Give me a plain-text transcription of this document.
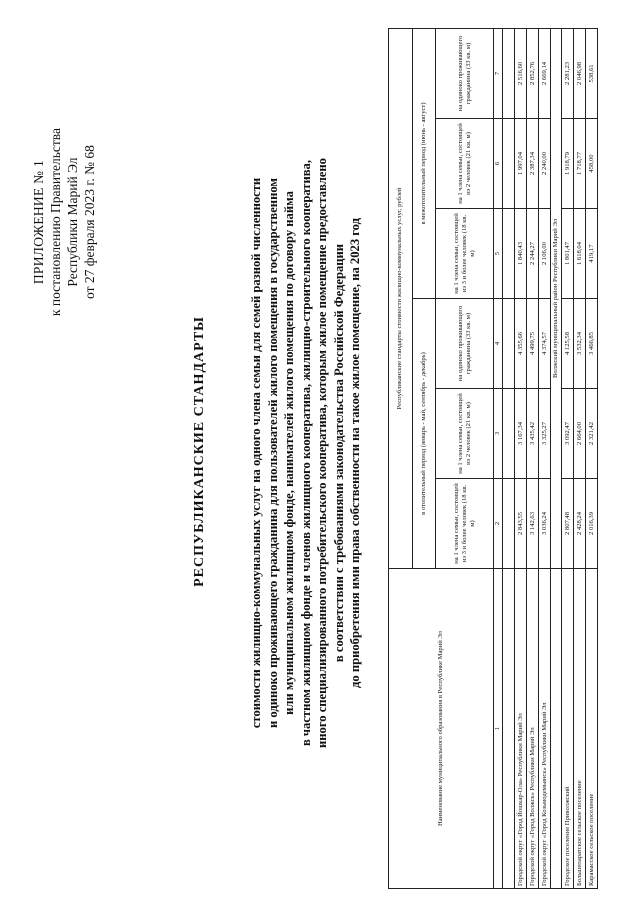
ПРИЛОЖЕНИЕ № 1 к постановлению Правительства Республики Марий Эл от 27 февраля 2023 г. № 68
РЕСПУБЛИКАНСКИЕ СТАНДАРТЫ	стоимости жилищно-коммунальных услуг на одного члена семьи для семей разной численности и одиноко проживающего гражданина для пользователей жилого помещения в государственном или муниципальном жилищном фонде, нанимателей жилого помещения по договору найма в частном жилищном фонде и членов жилищного кооператива, жилищно-строительного кооператива, иного специализированного потребительского кооператива, которым жилое помещение предоставлено в соответствии с требованиями законодательства Российской Федерации до приобретения ими права собственности на такое жилое помещение, на 2023 год
Наименование муниципального образования в Республике Марий Эл	Республиканские стандарты стоимости жилищно-коммунальных услуг, рублей					
	в отопительный период (январь - май, сентябрь - декабрь)			в межотопительный период (июнь - август)		
	на 1 члена семьи, состоящей из 3 и более человек (18 кв. м)	на 1 члена семьи, состоящей из 2 человек (21 кв. м)	на одиноко проживающего гражданина (33 кв. м)	на 1 члена семьи, состоящей из 3 и более человек (18 кв. м)	на 1 члена семьи, состоящей из 2 человек (21 кв. м)	на одиноко проживающего гражданина (33 кв. м)
1	2	3	4	5	6	7

Городской округ «Город Йошкар-Ола» Республики Марий Эл	2 843,55	3 167,34	4 355,66	1 840,43	1 997,04	2 516,60
Городской округ «Город Волжск» Республики Марий Эл	3 142,63	3 435,42	4 499,75	2 244,27	2 387,34	2 852,76
Городской округ «Город Козьмодемьянск» Республики Марий Эл	3 036,24	3 325,27	4 374,57	2 106,00	2 240,00	2 669,14
	Волжский муниципальный район Республики Марий Эл					
Городское поселение Приволжский	2 807,48	3 092,47	4 125,58	1 801,47	1 918,79	2 281,23
Большепаратское сельское поселение	2 428,24	2 664,00	3 532,34	1 618,04	1 718,77	2 046,98
Карамасское сельское поселение	2 016,39	2 321,42	3 466,85	419,17	458,00	538,61
